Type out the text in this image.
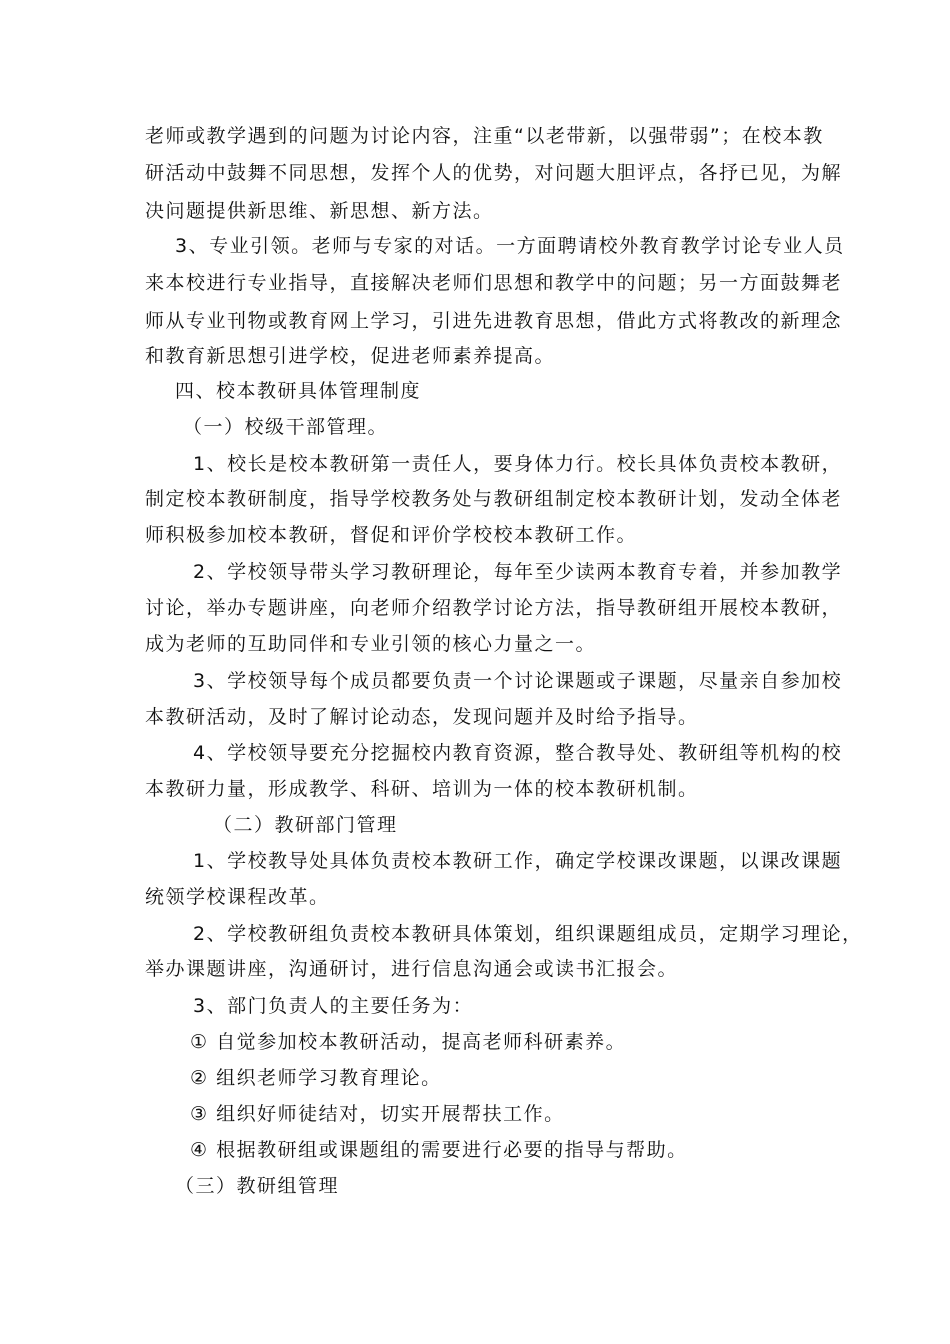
老师或教学遇到的问题为讨论内容，注重“以老带新，以强带弱”；在校本教
研活动中鼓舞不同思想，发挥个人的优势，对问题大胆评点，各抒已见，为解
决问题提供新思维、新思想、新方法。
3、专业引领。老师与专家的对话。一方面聘请校外教育教学讨论专业人员
来本校进行专业指导，直接解决老师们思想和教学中的问题；另一方面鼓舞老
师从专业刊物或教育网上学习，引进先进教育思想，借此方式将教改的新理念
和教育新思想引进学校，促进老师素养提高。
四、校本教研具体管理制度
（一）校级干部管理。
1、校长是校本教研第一责任人，要身体力行。校长具体负责校本教研，
制定校本教研制度，指导学校教务处与教研组制定校本教研计划，发动全体老
师积极参加校本教研，督促和评价学校校本教研工作。
2、学校领导带头学习教研理论，每年至少读两本教育专着，并参加教学
讨论，举办专题讲座，向老师介绍教学讨论方法，指导教研组开展校本教研，
成为老师的互助同伴和专业引领的核心力量之一。
3、学校领导每个成员都要负责一个讨论课题或子课题，尽量亲自参加校
本教研活动，及时了解讨论动态，发现问题并及时给予指导。
4、学校领导要充分挖掘校内教育资源，整合教导处、教研组等机构的校
本教研力量，形成教学、科研、培训为一体的校本教研机制。
（二）教研部门管理
1、学校教导处具体负责校本教研工作，确定学校课改课题，以课改课题
统领学校课程改革。
2、学校教研组负责校本教研具体策划，组织课题组成员，定期学习理论，
举办课题讲座，沟通研讨，进行信息沟通会或读书汇报会。
3、部门负责人的主要任务为：
① 自觉参加校本教研活动，提高老师科研素养。
② 组织老师学习教育理论。
③ 组织好师徒结对，切实开展帮扶工作。
④ 根据教研组或课题组的需要进行必要的指导与帮助。
（三）教研组管理
